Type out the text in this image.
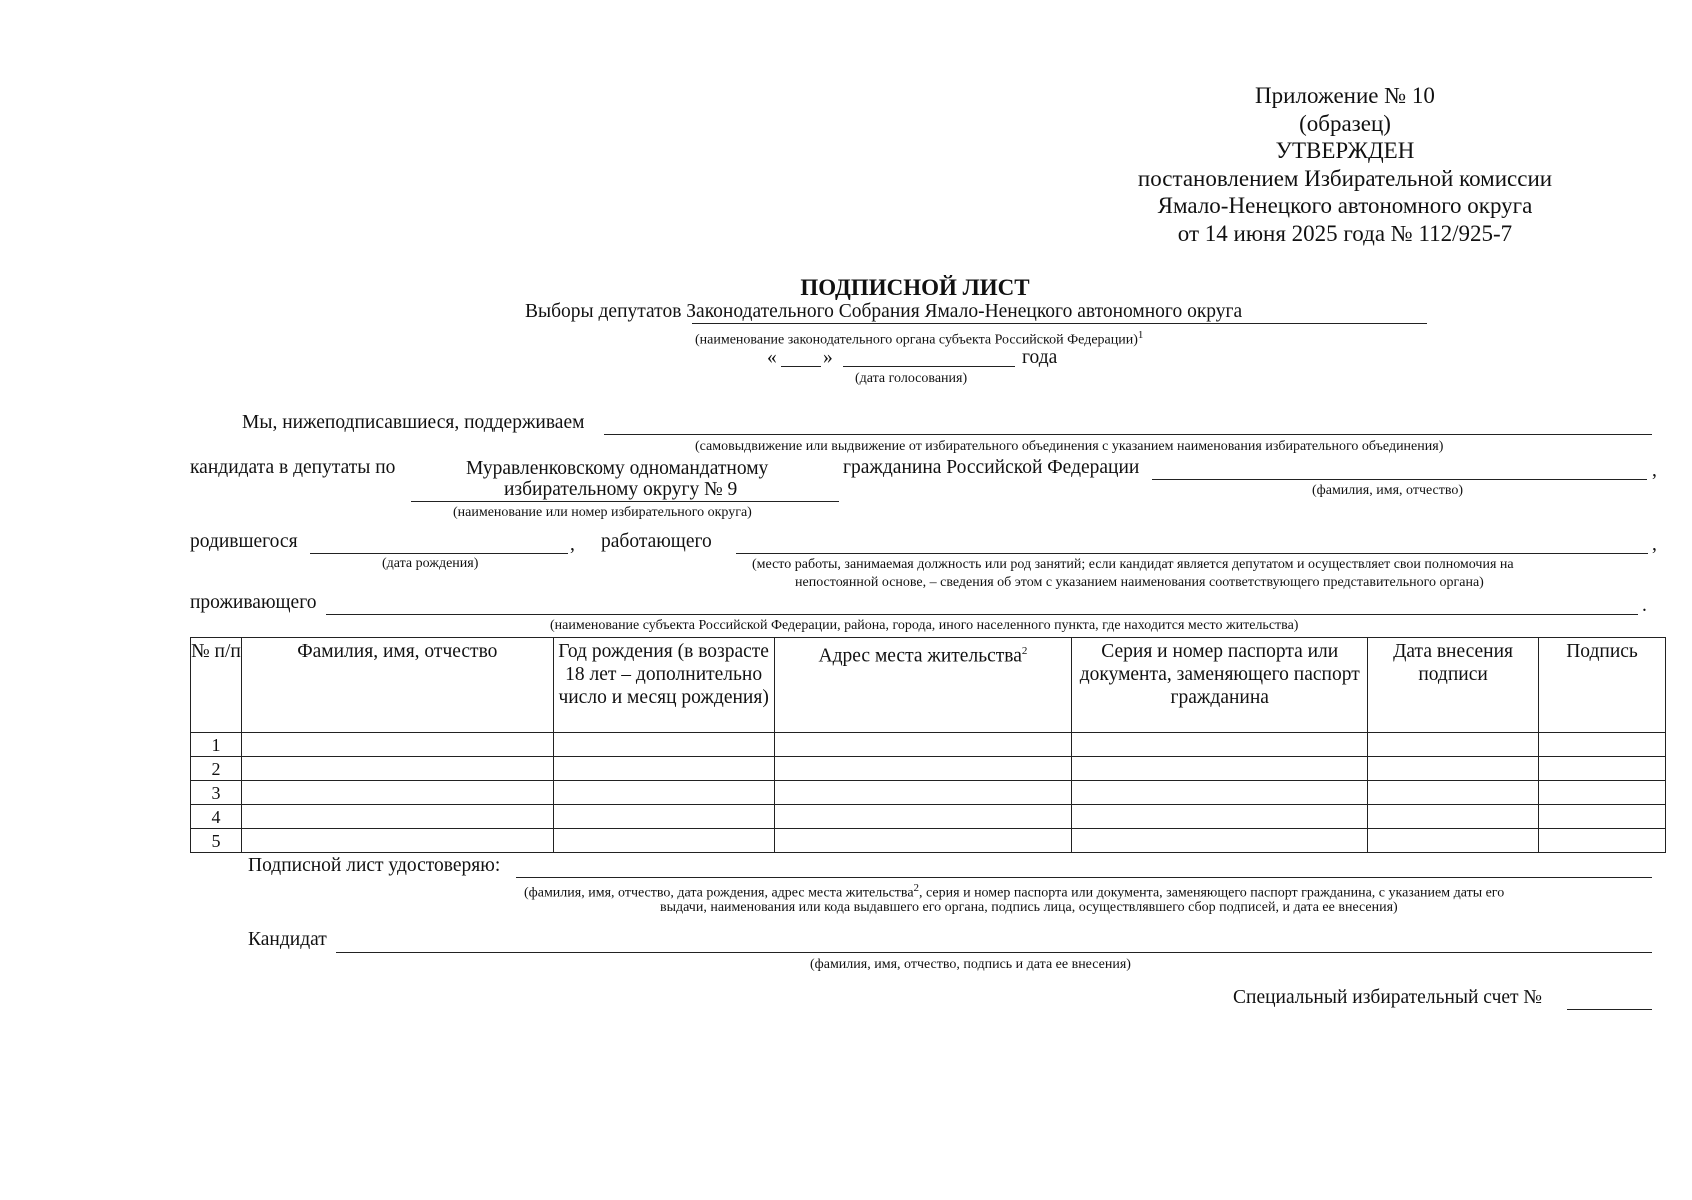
Приложение № 10
(образец)
УТВЕРЖДЕН
постановлением Избирательной комиссии
Ямало-Ненецкого автономного округа
от 14 июня 2025 года № 112/925-7
ПОДПИСНОЙ ЛИСТ
Выборы депутатов Законодательного Собрания Ямало-Ненецкого автономного округа
(наименование законодательного органа субъекта Российской Федерации)$^1$
« »	года
(дата голосования)
Мы, нижеподписавшиеся, поддерживаем
(самовыдвижение или выдвижение от избирательного объединения с указанием наименования избирательного объединения)
кандидата в депутаты по	Муравленковскому одномандатному
избирательному округу № 9
(наименование или номер избирательного округа)
гражданина Российской Федерации	,
(фамилия, имя, отчество)
родившегося	,
(дата рождения)
работающего	,
(место работы, занимаемая должность или род занятий; если кандидат является депутатом и осуществляет свои полномочия на
непостоянной основе, – сведения об этом с указанием наименования соответствующего представительного органа)
проживающего	.
(наименование субъекта Российской Федерации, района, города, иного населенного пункта, где находится место жительства)
№ п/п	Фамилия, имя, отчество	Год рождения (в возрасте 18 лет – дополнительно число и месяц рождения)	Адрес места жительства$^2$	Серия и номер паспорта или документа, заменяющего паспорт гражданина	Дата внесения подписи	Подпись
1						
2						
3						
4						
5						
Подписной лист удостоверяю:
(фамилия, имя, отчество, дата рождения, адрес места жительства$^2$, серия и номер паспорта или документа, заменяющего паспорт гражданина, с указанием даты его
выдачи, наименования или кода выдавшего его органа, подпись лица, осуществлявшего сбор подписей, и дата ее внесения)
Кандидат
(фамилия, имя, отчество, подпись и дата ее внесения)
Специальный избирательный счет №
